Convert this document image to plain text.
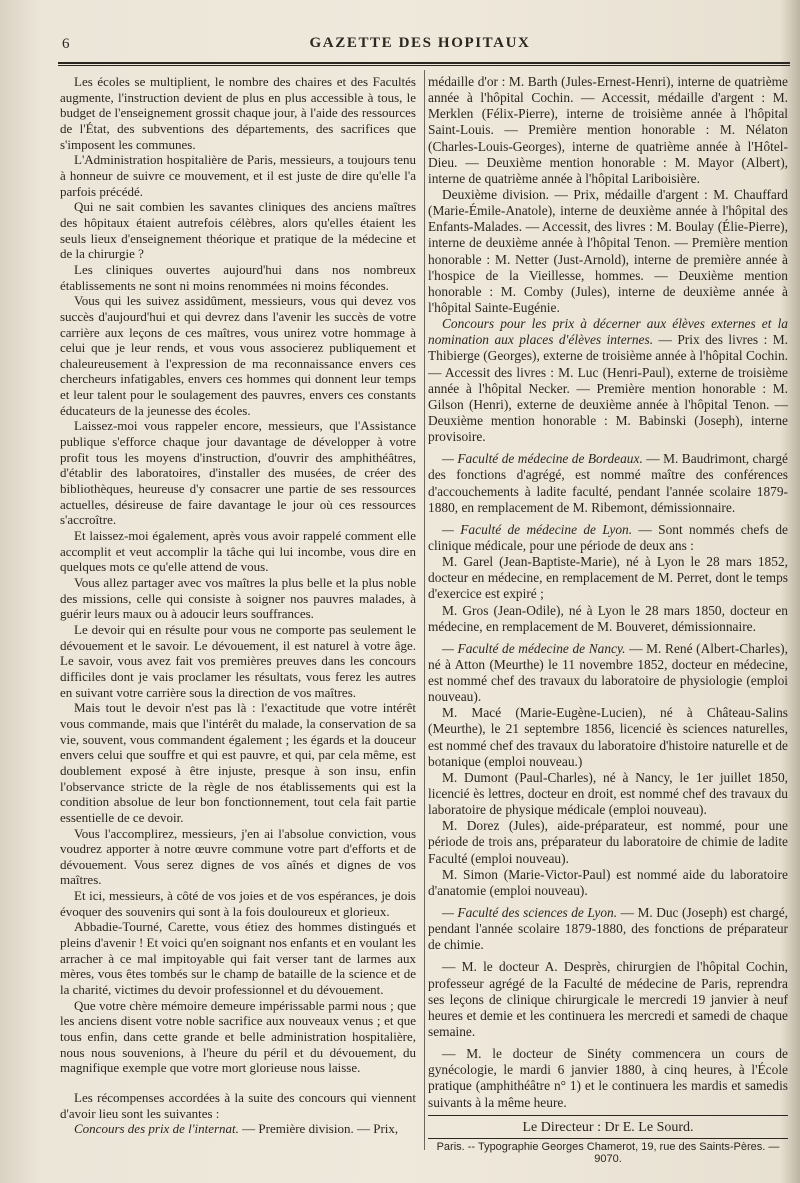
6	GAZETTE DES HOPITAUX

Les écoles se multiplient, le nombre des chaires et des Facultés augmente, l'instruction devient de plus en plus accessible à tous, le budget de l'enseignement grossit chaque jour, à l'aide des ressources de l'État, des subventions des départements, des sacrifices que s'imposent les communes.

L'Administration hospitalière de Paris, messieurs, a toujours tenu à honneur de suivre ce mouvement, et il est juste de dire qu'elle l'a parfois précédé.

Qui ne sait combien les savantes cliniques des anciens maîtres des hôpitaux étaient autrefois célèbres, alors qu'elles étaient les seuls lieux d'enseignement théorique et pratique de la médecine et de la chirurgie ?

Les cliniques ouvertes aujourd'hui dans nos nombreux établissements ne sont ni moins renommées ni moins fécondes.

Vous qui les suivez assidûment, messieurs, vous qui devez vos succès d'aujourd'hui et qui devrez dans l'avenir les succès de votre carrière aux leçons de ces maîtres, vous unirez votre hommage à celui que je leur rends, et vous vous associerez publiquement et chaleureusement à l'expression de ma reconnaissance envers ces chercheurs infatigables, envers ces hommes qui donnent leur temps et leur talent pour le soulagement des pauvres, envers ces constants éducateurs de la jeunesse des écoles.

Laissez-moi vous rappeler encore, messieurs, que l'Assistance publique s'efforce chaque jour davantage de développer à votre profit tous les moyens d'instruction, d'ouvrir des amphithéâtres, d'établir des laboratoires, d'installer des musées, de créer des bibliothèques, heureuse d'y consacrer une partie de ses ressources actuelles, désireuse de faire davantage le jour où ces ressources s'accroître.

Et laissez-moi également, après vous avoir rappelé comment elle accomplit et veut accomplir la tâche qui lui incombe, vous dire en quelques mots ce qu'elle attend de vous.

Vous allez partager avec vos maîtres la plus belle et la plus noble des missions, celle qui consiste à soigner nos pauvres malades, à guérir leurs maux ou à adoucir leurs souffrances.

Le devoir qui en résulte pour vous ne comporte pas seulement le dévouement et le savoir. Le dévouement, il est naturel à votre âge. Le savoir, vous avez fait vos premières preuves dans les concours difficiles dont je vais proclamer les résultats, vous ferez les autres en suivant votre carrière sous la direction de vos maîtres.

Mais tout le devoir n'est pas là : l'exactitude que votre intérêt vous commande, mais que l'intérêt du malade, la conservation de sa vie, souvent, vous commandent également ; les égards et la douceur envers celui que souffre et qui est pauvre, et qui, par cela même, est doublement exposé à être injuste, presque à son insu, enfin l'observance stricte de la règle de nos établissements qui est la condition absolue de leur bon fonctionnement, tout cela fait partie essentielle de ce devoir.

Vous l'accomplirez, messieurs, j'en ai l'absolue conviction, vous voudrez apporter à notre œuvre commune votre part d'efforts et de dévouement. Vous serez dignes de vos aînés et dignes de vos maîtres.

Et ici, messieurs, à côté de vos joies et de vos espérances, je dois évoquer des souvenirs qui sont à la fois douloureux et glorieux.

Abbadie-Tourné, Carette, vous étiez des hommes distingués et pleins d'avenir ! Et voici qu'en soignant nos enfants et en voulant les arracher à ce mal impitoyable qui fait verser tant de larmes aux mères, vous êtes tombés sur le champ de bataille de la science et de la charité, victimes du devoir professionnel et du dévouement.

Que votre chère mémoire demeure impérissable parmi nous ; que les anciens disent votre noble sacrifice aux nouveaux venus ; et que tous enfin, dans cette grande et belle administration hospitalière, nous nous souvenions, à l'heure du péril et du dévouement, du magnifique exemple que votre mort glorieuse nous laisse.

Les récompenses accordées à la suite des concours qui viennent d'avoir lieu sont les suivantes :

Concours des prix de l'internat. — Première division. — Prix,

médaille d'or : M. Barth (Jules-Ernest-Henri), interne de quatrième année à l'hôpital Cochin. — Accessit, médaille d'argent : M. Merklen (Félix-Pierre), interne de troisième année à l'hôpital Saint-Louis. — Première mention honorable : M. Nélaton (Charles-Louis-Georges), interne de quatrième année à l'Hôtel-Dieu. — Deuxième mention honorable : M. Mayor (Albert), interne de quatrième année à l'hôpital Lariboisière.

Deuxième division. — Prix, médaille d'argent : M. Chauffard (Marie-Émile-Anatole), interne de deuxième année à l'hôpital des Enfants-Malades. — Accessit, des livres : M. Boulay (Élie-Pierre), interne de deuxième année à l'hôpital Tenon. — Première mention honorable : M. Netter (Just-Arnold), interne de première année à l'hospice de la Vieillesse, hommes. — Deuxième mention honorable : M. Comby (Jules), interne de deuxième année à l'hôpital Sainte-Eugénie.

Concours pour les prix à décerner aux élèves externes et la nomination aux places d'élèves internes. — Prix des livres : M. Thibierge (Georges), externe de troisième année à l'hôpital Cochin. — Accessit des livres : M. Luc (Henri-Paul), externe de troisième année à l'hôpital Necker. — Première mention honorable : M. Gilson (Henri), externe de deuxième année à l'hôpital Tenon. — Deuxième mention honorable : M. Babinski (Joseph), interne provisoire.

— Faculté de médecine de Bordeaux. — M. Baudrimont, chargé des fonctions d'agrégé, est nommé maître des conférences d'accouchements à ladite faculté, pendant l'année scolaire 1879-1880, en remplacement de M. Ribemont, démissionnaire.

— Faculté de médecine de Lyon. — Sont nommés chefs de clinique médicale, pour une période de deux ans :

M. Garel (Jean-Baptiste-Marie), né à Lyon le 28 mars 1852, docteur en médecine, en remplacement de M. Perret, dont le temps d'exercice est expiré ;

M. Gros (Jean-Odile), né à Lyon le 28 mars 1850, docteur en médecine, en remplacement de M. Bouveret, démissionnaire.

— Faculté de médecine de Nancy. — M. René (Albert-Charles), né à Atton (Meurthe) le 11 novembre 1852, docteur en médecine, est nommé chef des travaux du laboratoire de physiologie (emploi nouveau).

M. Macé (Marie-Eugène-Lucien), né à Château-Salins (Meurthe), le 21 septembre 1856, licencié ès sciences naturelles, est nommé chef des travaux du laboratoire d'histoire naturelle et de botanique (emploi nouveau.)

M. Dumont (Paul-Charles), né à Nancy, le 1er juillet 1850, licencié ès lettres, docteur en droit, est nommé chef des travaux du laboratoire de physique médicale (emploi nouveau).

M. Dorez (Jules), aide-préparateur, est nommé, pour une période de trois ans, préparateur du laboratoire de chimie de ladite Faculté (emploi nouveau).

M. Simon (Marie-Victor-Paul) est nommé aide du laboratoire d'anatomie (emploi nouveau).

— Faculté des sciences de Lyon. — M. Duc (Joseph) est chargé, pendant l'année scolaire 1879-1880, des fonctions de préparateur de chimie.

— M. le docteur A. Desprès, chirurgien de l'hôpital Cochin, professeur agrégé de la Faculté de médecine de Paris, reprendra ses leçons de clinique chirurgicale le mercredi 19 janvier à neuf heures et demie et les continuera les mercredi et samedi de chaque semaine.

— M. le docteur de Sinéty commencera un cours de gynécologie, le mardi 6 janvier 1880, à cinq heures, à l'École pratique (amphithéâtre n° 1) et le continuera les mardis et samedis suivants à la même heure.

Le Directeur : Dr E. Le Sourd.
Paris. -- Typographie Georges Chamerot, 19, rue des Saints-Pères. — 9070.
